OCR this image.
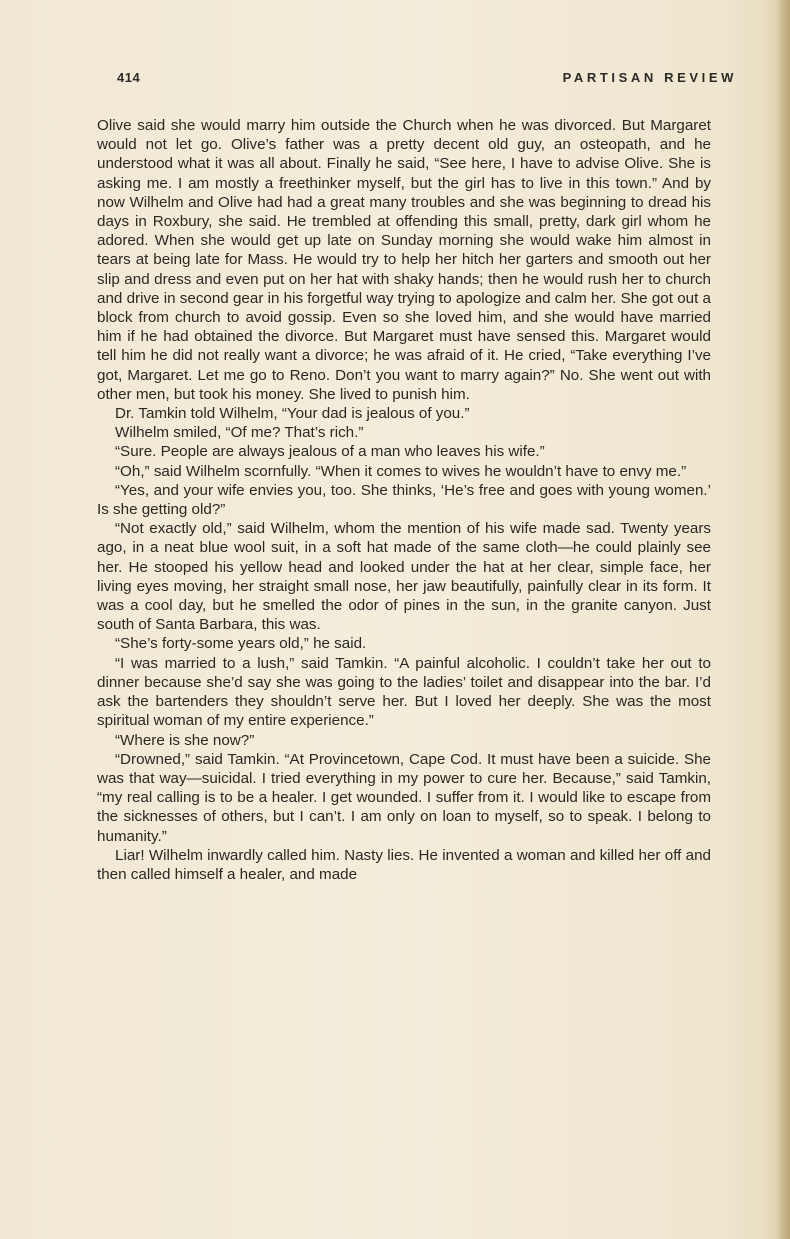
414	PARTISAN REVIEW

Olive said she would marry him outside the Church when he was divorced. But Margaret would not let go. Olive’s father was a pretty decent old guy, an osteopath, and he understood what it was all about. Finally he said, “See here, I have to advise Olive. She is asking me. I am mostly a freethinker myself, but the girl has to live in this town.” And by now Wilhelm and Olive had had a great many troubles and she was beginning to dread his days in Roxbury, she said. He trembled at offending this small, pretty, dark girl whom he adored. When she would get up late on Sunday morning she would wake him almost in tears at being late for Mass. He would try to help her hitch her garters and smooth out her slip and dress and even put on her hat with shaky hands; then he would rush her to church and drive in second gear in his forgetful way trying to apologize and calm her. She got out a block from church to avoid gossip. Even so she loved him, and she would have married him if he had obtained the divorce. But Margaret must have sensed this. Margaret would tell him he did not really want a divorce; he was afraid of it. He cried, “Take everything I’ve got, Margaret. Let me go to Reno. Don’t you want to marry again?” No. She went out with other men, but took his money. She lived to punish him.

Dr. Tamkin told Wilhelm, “Your dad is jealous of you.”

Wilhelm smiled, “Of me? That’s rich.”

“Sure. People are always jealous of a man who leaves his wife.”

“Oh,” said Wilhelm scornfully. “When it comes to wives he wouldn’t have to envy me.”

“Yes, and your wife envies you, too. She thinks, ‘He’s free and goes with young women.’ Is she getting old?”

“Not exactly old,” said Wilhelm, whom the mention of his wife made sad. Twenty years ago, in a neat blue wool suit, in a soft hat made of the same cloth—he could plainly see her. He stooped his yellow head and looked under the hat at her clear, simple face, her living eyes moving, her straight small nose, her jaw beautifully, painfully clear in its form. It was a cool day, but he smelled the odor of pines in the sun, in the granite canyon. Just south of Santa Barbara, this was.

“She’s forty-some years old,” he said.

“I was married to a lush,” said Tamkin. “A painful alcoholic. I couldn’t take her out to dinner because she’d say she was going to the ladies’ toilet and disappear into the bar. I’d ask the bartenders they shouldn’t serve her. But I loved her deeply. She was the most spiritual woman of my entire experience.”

“Where is she now?”

“Drowned,” said Tamkin. “At Provincetown, Cape Cod. It must have been a suicide. She was that way—suicidal. I tried everything in my power to cure her. Because,” said Tamkin, “my real calling is to be a healer. I get wounded. I suffer from it. I would like to escape from the sicknesses of others, but I can’t. I am only on loan to myself, so to speak. I belong to humanity.”

Liar! Wilhelm inwardly called him. Nasty lies. He invented a woman and killed her off and then called himself a healer, and made
